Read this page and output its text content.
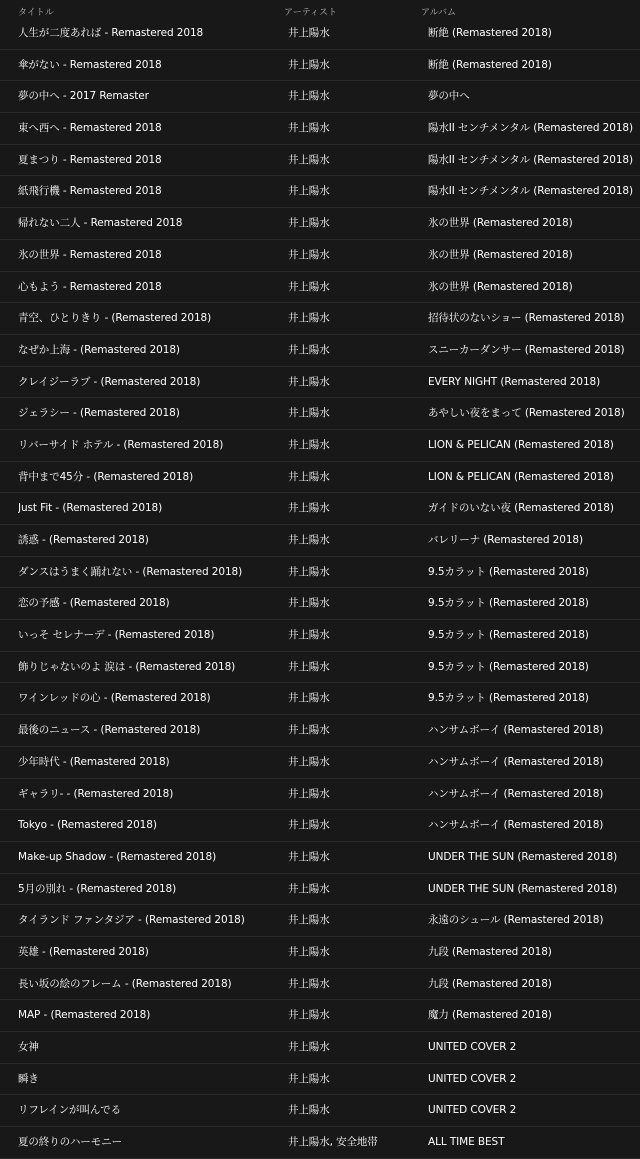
タイトル	アーティスト	アルバム
人生が二度あれば - Remastered 2018	井上陽水	断絶 (Remastered 2018)
傘がない - Remastered 2018	井上陽水	断絶 (Remastered 2018)
夢の中へ - 2017 Remaster	井上陽水	夢の中へ
東へ西へ - Remastered 2018	井上陽水	陽水II センチメンタル (Remastered 2018)
夏まつり - Remastered 2018	井上陽水	陽水II センチメンタル (Remastered 2018)
紙飛行機 - Remastered 2018	井上陽水	陽水II センチメンタル (Remastered 2018)
帰れない二人 - Remastered 2018	井上陽水	氷の世界 (Remastered 2018)
氷の世界 - Remastered 2018	井上陽水	氷の世界 (Remastered 2018)
心もよう - Remastered 2018	井上陽水	氷の世界 (Remastered 2018)
青空、ひとりきり - (Remastered 2018)	井上陽水	招待状のないショー (Remastered 2018)
なぜか上海 - (Remastered 2018)	井上陽水	スニーカーダンサー (Remastered 2018)
クレイジーラブ - (Remastered 2018)	井上陽水	EVERY NIGHT (Remastered 2018)
ジェラシー - (Remastered 2018)	井上陽水	あやしい夜をまって (Remastered 2018)
リバーサイド ホテル - (Remastered 2018)	井上陽水	LION & PELICAN (Remastered 2018)
背中まで45分 - (Remastered 2018)	井上陽水	LION & PELICAN (Remastered 2018)
Just Fit - (Remastered 2018)	井上陽水	ガイドのいない夜 (Remastered 2018)
誘惑 - (Remastered 2018)	井上陽水	バレリーナ (Remastered 2018)
ダンスはうまく踊れない - (Remastered 2018)	井上陽水	9.5カラット (Remastered 2018)
恋の予感 - (Remastered 2018)	井上陽水	9.5カラット (Remastered 2018)
いっそ セレナーデ - (Remastered 2018)	井上陽水	9.5カラット (Remastered 2018)
飾りじゃないのよ 涙は - (Remastered 2018)	井上陽水	9.5カラット (Remastered 2018)
ワインレッドの心 - (Remastered 2018)	井上陽水	9.5カラット (Remastered 2018)
最後のニュース - (Remastered 2018)	井上陽水	ハンサムボーイ (Remastered 2018)
少年時代 - (Remastered 2018)	井上陽水	ハンサムボーイ (Remastered 2018)
ギャラリ- - (Remastered 2018)	井上陽水	ハンサムボーイ (Remastered 2018)
Tokyo - (Remastered 2018)	井上陽水	ハンサムボーイ (Remastered 2018)
Make-up Shadow - (Remastered 2018)	井上陽水	UNDER THE SUN (Remastered 2018)
5月の別れ - (Remastered 2018)	井上陽水	UNDER THE SUN (Remastered 2018)
タイランド ファンタジア - (Remastered 2018)	井上陽水	永遠のシュール (Remastered 2018)
英雄 - (Remastered 2018)	井上陽水	九段 (Remastered 2018)
長い坂の絵のフレーム - (Remastered 2018)	井上陽水	九段 (Remastered 2018)
MAP - (Remastered 2018)	井上陽水	魔力 (Remastered 2018)
女神	井上陽水	UNITED COVER 2
瞬き	井上陽水	UNITED COVER 2
リフレインが叫んでる	井上陽水	UNITED COVER 2
夏の終りのハーモニー	井上陽水, 安全地帯	ALL TIME BEST
